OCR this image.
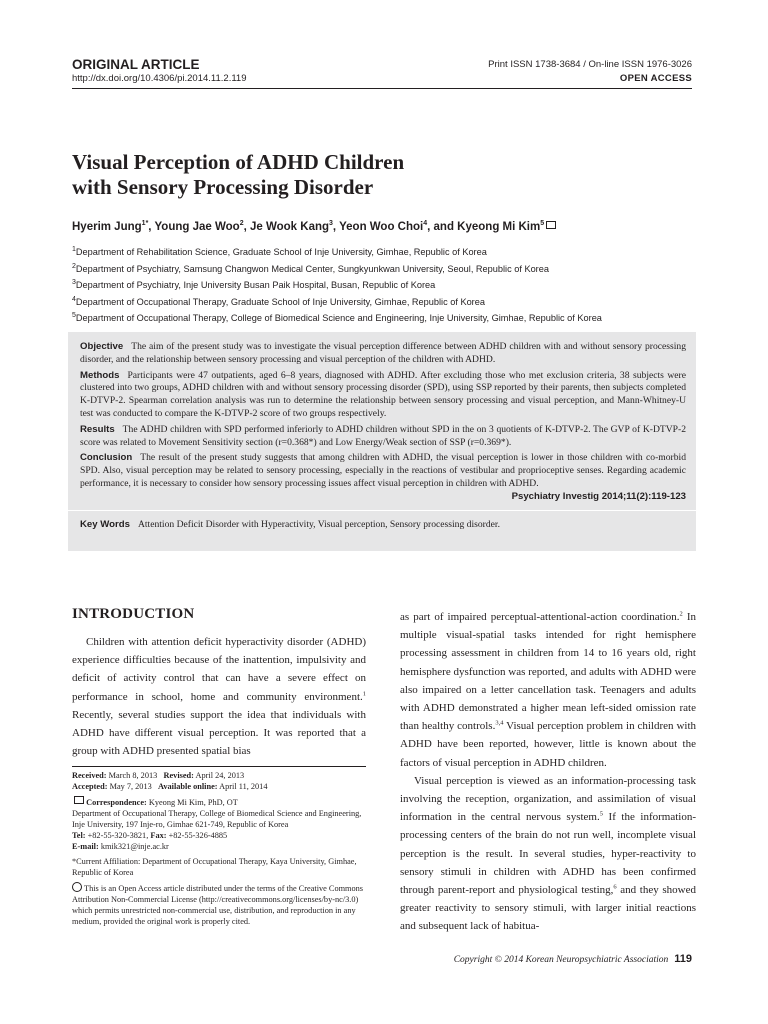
ORIGINAL ARTICLE
http://dx.doi.org/10.4306/pi.2014.11.2.119
Print ISSN 1738-3684 / On-line ISSN 1976-3026
OPEN ACCESS
Visual Perception of ADHD Children
with Sensory Processing Disorder
Hyerim Jung$^{1*}$, Young Jae Woo$^2$, Je Wook Kang$^3$, Yeon Woo Choi$^4$, and Kyeong Mi Kim$^5$
$^1$Department of Rehabilitation Science, Graduate School of Inje University, Gimhae, Republic of Korea
$^2$Department of Psychiatry, Samsung Changwon Medical Center, Sungkyunkwan University, Seoul, Republic of Korea
$^3$Department of Psychiatry, Inje University Busan Paik Hospital, Busan, Republic of Korea
$^4$Department of Occupational Therapy, Graduate School of Inje University, Gimhae, Republic of Korea
$^5$Department of Occupational Therapy, College of Biomedical Science and Engineering, Inje University, Gimhae, Republic of Korea

Objective The aim of the present study was to investigate the visual perception difference between ADHD children with and without sensory processing disorder, and the relationship between sensory processing and visual perception of the children with ADHD.

Methods Participants were 47 outpatients, aged 6–8 years, diagnosed with ADHD. After excluding those who met exclusion criteria, 38 subjects were clustered into two groups, ADHD children with and without sensory processing disorder (SPD), using SSP reported by their parents, then subjects completed K-DTVP-2. Spearman correlation analysis was run to determine the relationship between sensory processing and visual perception, and Mann-Whitney-U test was conducted to compare the K-DTVP-2 score of two groups respectively.

Results The ADHD children with SPD performed inferiorly to ADHD children without SPD in the on 3 quotients of K-DTVP-2. The GVP of K-DTVP-2 score was related to Movement Sensitivity section (r=0.368*) and Low Energy/Weak section of SSP (r=0.369*).

Conclusion The result of the present study suggests that among children with ADHD, the visual perception is lower in those children with co-morbid SPD. Also, visual perception may be related to sensory processing, especially in the reactions of vestibular and proprioceptive senses. Regarding academic performance, it is necessary to consider how sensory processing issues affect visual perception in children with ADHD.
Psychiatry Investig 2014;11(2):119-123

Key Words Attention Deficit Disorder with Hyperactivity, Visual perception, Sensory processing disorder.
INTRODUCTION

Children with attention deficit hyperactivity disorder (ADHD) experience difficulties because of the inattention, impulsivity and deficit of activity control that can have a severe effect on performance in school, home and community environment.$^1$ Recently, several studies support the idea that individuals with ADHD have different visual perception. It was reported that a group with ADHD presented spatial bias

as part of impaired perceptual-attentional-action coordination.$^2$ In multiple visual-spatial tasks intended for right hemisphere processing assessment in children from 14 to 16 years old, right hemisphere dysfunction was reported, and adults with ADHD were also impaired on a letter cancellation task. Teenagers and adults with ADHD demonstrated a higher mean left-sided omission rate than healthy controls.$^{3,4}$ Visual perception problem in children with ADHD have been reported, however, little is known about the factors of visual perception in ADHD children.

Visual perception is viewed as an information-processing task involving the reception, organization, and assimilation of visual information in the central nervous system.$^5$ If the information-processing centers of the brain do not run well, incomplete visual perception is the result. In several studies, hyper-reactivity to sensory stimuli in children with ADHD has been confirmed through parent-report and physiological testing,$^6$ and they showed greater reactivity to sensory stimuli, with larger initial reactions and subsequent lack of habitua-

Received: March 8, 2013 Revised: April 24, 2013
Accepted: May 7, 2013 Available online: April 11, 2014

Correspondence: Kyeong Mi Kim, PhD, OT
Department of Occupational Therapy, College of Biomedical Science and Engineering, Inje University, 197 Inje-ro, Gimhae 621-749, Republic of Korea
Tel: +82-55-320-3821, Fax: +82-55-326-4885
E-mail: kmik321@inje.ac.kr

*Current Affiliation: Department of Occupational Therapy, Kaya University, Gimhae, Republic of Korea

This is an Open Access article distributed under the terms of the Creative Commons Attribution Non-Commercial License (http://creativecommons.org/licenses/by-nc/3.0) which permits unrestricted non-commercial use, distribution, and reproduction in any medium, provided the original work is properly cited.

Copyright © 2014 Korean Neuropsychiatric Association 119
